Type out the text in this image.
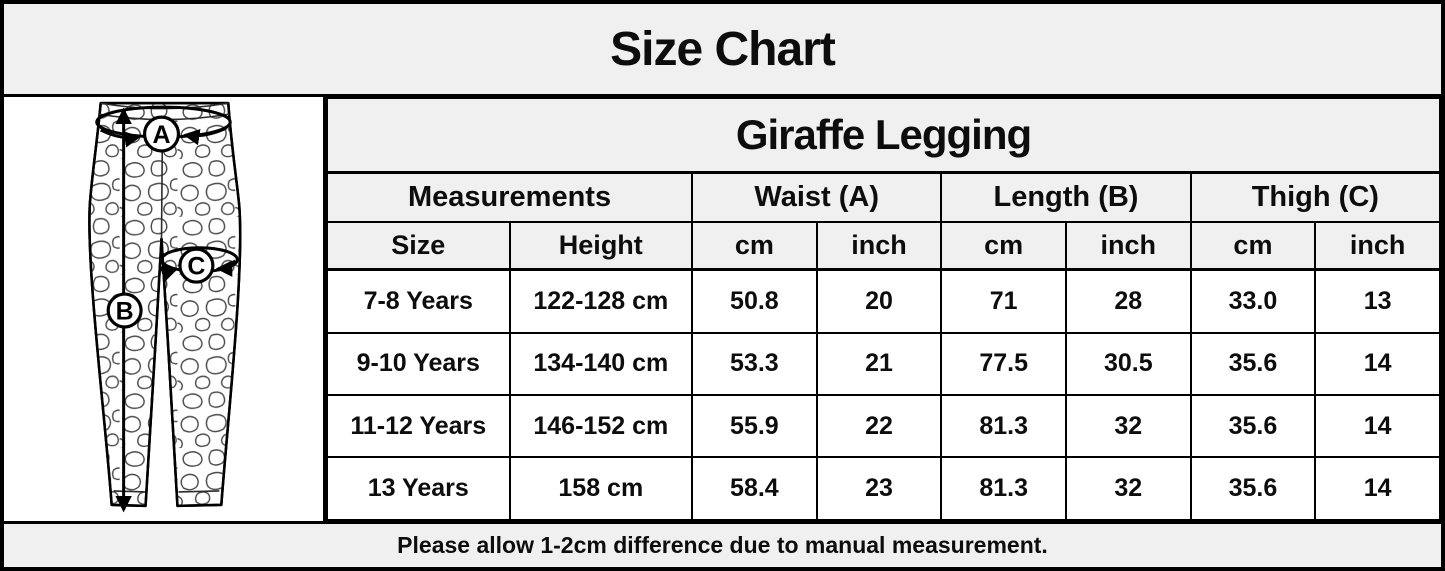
Size Chart
A
B
C
Giraffe Legging							
Measurements		Waist (A)		Length (B)		Thigh (C)	
Size	Height	cm	inch	cm	inch	cm	inch
7-8 Years	122-128 cm	50.8	20	71	28	33.0	13
9-10 Years	134-140 cm	53.3	21	77.5	30.5	35.6	14
11-12 Years	146-152 cm	55.9	22	81.3	32	35.6	14
13 Years	158 cm	58.4	23	81.3	32	35.6	14
Please allow 1-2cm difference due to manual measurement.
